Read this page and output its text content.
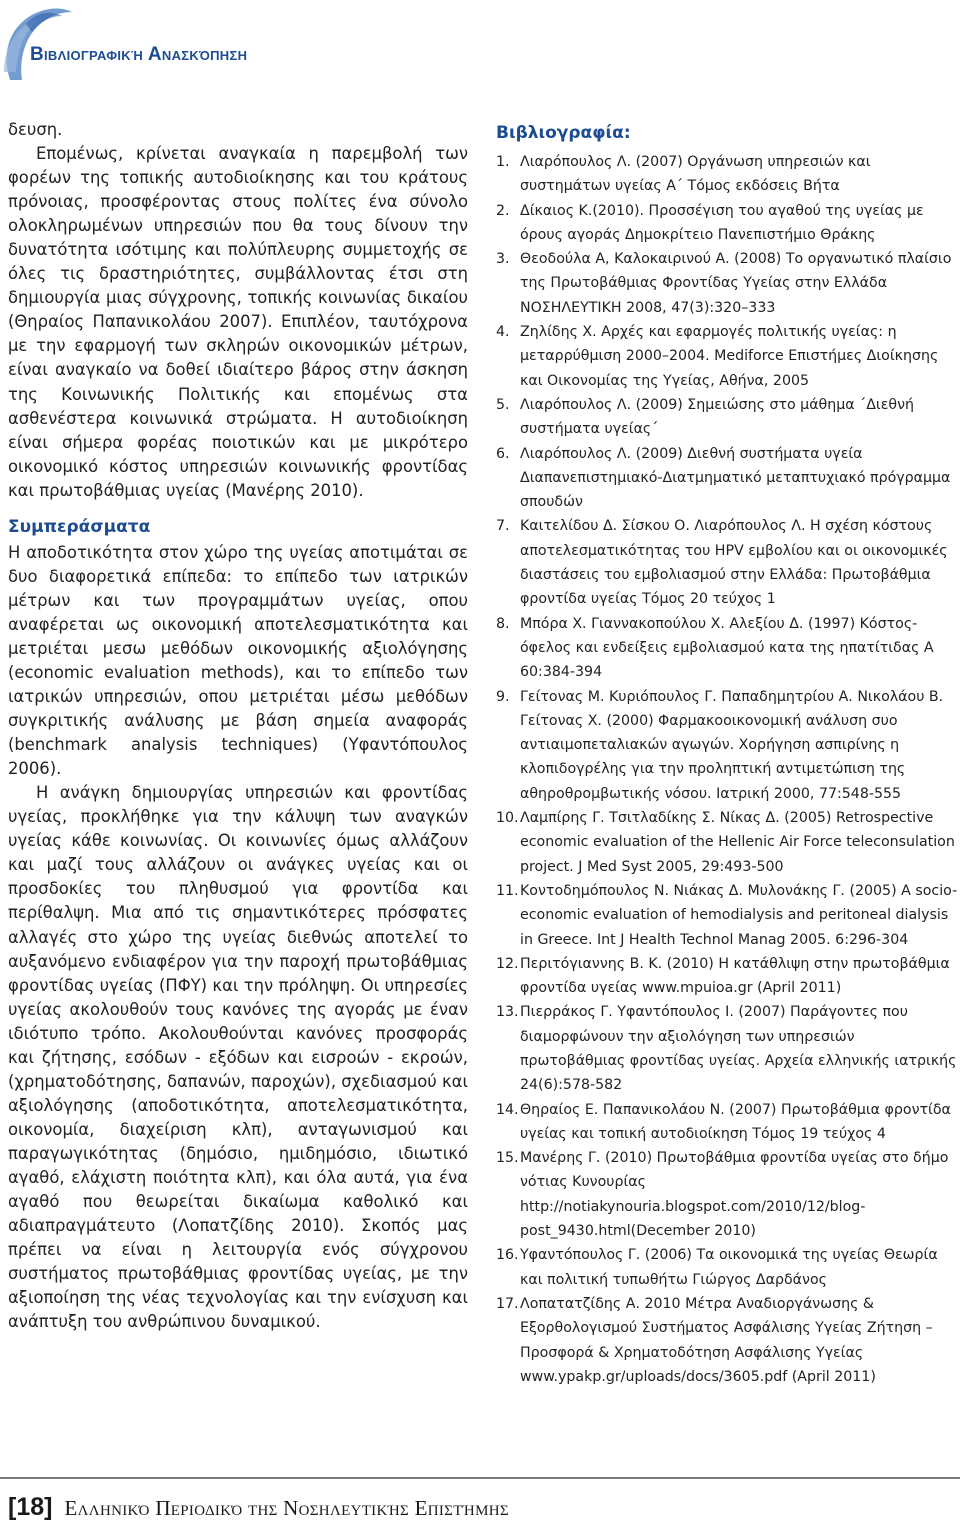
Βιβλιογραφική Ανασκόπηση

δευση.

Επομένως, κρίνεται αναγκαία η παρεμβολή των φορέων της τοπικής αυτοδιοίκησης και του κράτους πρόνοιας, προσφέροντας στους πολίτες ένα σύνολο ολοκληρωμένων υπηρεσιών που θα τους δίνουν την δυνατότητα ισότιμης και πολύπλευρης συμμετοχής σε όλες τις δραστηριότητες, συμβάλλοντας έτσι στη δημιουργία μιας σύγχρονης, τοπικής κοινωνίας δικαίου (Θηραίος Παπανικολάου 2007). Επιπλέον, ταυτόχρονα με την εφαρμογή των σκληρών οικονομικών μέτρων, είναι αναγκαίο να δοθεί ιδιαίτερο βάρος στην άσκηση της Κοινωνικής Πολιτικής και επομένως στα ασθενέστερα κοινωνικά στρώματα. Η αυτοδιοίκηση είναι σήμερα φορέας ποιοτικών και με μικρότερο οικονομικό κόστος υπηρεσιών κοινωνικής φροντίδας και πρωτοβάθμιας υγείας (Μανέρης 2010).

Συμπεράσματα

Η αποδοτικότητα στον χώρο της υγείας αποτιμάται σε δυο διαφορετικά επίπεδα: το επίπεδο των ιατρικών μέτρων και των προγραμμάτων υγείας, οπου αναφέρεται ως οικονομική αποτελεσματικότητα και μετριέται μεσω μεθόδων οικονομικής αξιολόγησης (economic evaluation methods), και το επίπεδο των ιατρικών υπηρεσιών, οπου μετριέται μέσω μεθόδων συγκριτικής ανάλυσης με βάση σημεία αναφοράς (benchmark analysis techniques) (Υφαντόπουλος 2006).

Η ανάγκη δημιουργίας υπηρεσιών και φροντίδας υγείας, προκλήθηκε για την κάλυψη των αναγκών υγείας κάθε κοινωνίας. Οι κοινωνίες όμως αλλάζουν και μαζί τους αλλάζουν οι ανάγκες υγείας και οι προσδοκίες του πληθυσμού για φροντίδα και περίθαλψη. Μια από τις σημαντικότερες πρόσφατες αλλαγές στο χώρο της υγείας διεθνώς αποτελεί το αυξανόμενο ενδιαφέρον για την παροχή πρωτοβάθμιας φροντίδας υγείας (ΠΦΥ) και την πρόληψη. Οι υπηρεσίες υγείας ακολουθούν τους κανόνες της αγοράς με έναν ιδιότυπο τρόπο. Ακολουθούνται κανόνες προσφοράς και ζήτησης, εσόδων - εξόδων και εισροών - εκροών, (χρηματοδότησης, δαπανών, παροχών), σχεδιασμού και αξιολόγησης (αποδοτικότητα, αποτελεσματικότητα, οικονομία, διαχείριση κλπ), ανταγωνισμού και παραγωγικότητας (δημόσιο, ημιδημόσιο, ιδιωτικό αγαθό, ελάχιστη ποιότητα κλπ), και όλα αυτά, για ένα αγαθό που θεωρείται δικαίωμα καθολικό και αδιαπραγμάτευτο (Λοπατζίδης 2010). Σκοπός μας πρέπει να είναι η λειτουργία ενός σύγχρονου συστήματος πρωτοβάθμιας φροντίδας υγείας, με την αξιοποίηση της νέας τεχνολογίας και την ενίσχυση και ανάπτυξη του ανθρώπινου δυναμικού.

Βιβλιογραφία:
1. Λιαρόπουλος Λ. (2007) Οργάνωση υπηρεσιών και συστημάτων υγείας Α΄ Τόμος εκδόσεις Βήτα
2. Δίκαιος Κ.(2010). Προσσέγιση του αγαθού της υγείας με όρους αγοράς Δημοκρίτειο Πανεπιστήμιο Θράκης
3. Θεοδούλα Α, Καλοκαιρινού Α. (2008) Το οργανωτικό πλαίσιο της Πρωτοβάθμιας Φροντίδας Υγείας στην Ελλάδα ΝΟΣΗΛΕΥΤΙΚΗ 2008, 47(3):320–333
4. Ζηλίδης Χ. Αρχές και εφαρμογές πολιτικής υγείας: η μεταρρύθμιση 2000–2004. Mediforce Επιστήμες Διοίκησης και Οικονομίας της Υγείας, Αθήνα, 2005
5. Λιαρόπουλος Λ. (2009) Σημειώσης στο μάθημα ΄Διεθνή συστήματα υγείας΄
6. Λιαρόπουλος Λ. (2009) Διεθνή συστήματα υγεία Διαπανεπιστημιακό-Διατμηματικό μεταπτυχιακό πρόγραμμα σπουδών
7. Καιτελίδου Δ. Σίσκου Ο. Λιαρόπουλος Λ. Η σχέση κόστους αποτελεσματικότητας του HPV εμβολίου και οι οικονομικές διαστάσεις του εμβολιασμού στην Ελλάδα: Πρωτοβάθμια φροντίδα υγείας Τόμος 20 τεύχος 1
8. Μπόρα Χ. Γιαννακοπούλου Χ. Αλεξίου Δ. (1997) Κόστος-όφελος και ενδείξεις εμβολιασμού κατα της ηπατίτιδας Α 60:384-394
9. Γείτονας Μ. Κυριόπουλος Γ. Παπαδημητρίου Α. Νικολάου Β. Γείτονας Χ. (2000) Φαρμακοοικονομική ανάλυση συο αντιαιμοπεταλιακών αγωγών. Χορήγηση ασπιρίνης η κλοπιδογρέλης για την προληπτική αντιμετώπιση της αθηροθρομβωτικής νόσου. Ιατρική 2000, 77:548-555
10. Λαμπίρης Γ. Τσιτλαδίκης Σ. Νίκας Δ. (2005) Retrospective economic evaluation of the Hellenic Air Force teleconsulation project. J Med Syst 2005, 29:493-500
11. Κοντοδημόπουλος Ν. Νιάκας Δ. Μυλονάκης Γ. (2005) A socio-economic evaluation of hemodialysis and peritoneal dialysis in Greece. Int J Health Technol Manag 2005. 6:296-304
12. Περιτόγιαννης Β. Κ. (2010) Η κατάθλιψη στην πρωτοβάθμια φροντίδα υγείας www.mpuioa.gr (April 2011)
13. Πιερράκος Γ. Υφαντόπουλος Ι. (2007) Παράγοντες που διαμορφώνουν την αξιολόγηση των υπηρεσιών πρωτοβάθμιας φροντίδας υγείας. Αρχεία ελληνικής ιατρικής 24(6):578-582
14. Θηραίος Ε. Παπανικολάου Ν. (2007) Πρωτοβάθμια φροντίδα υγείας και τοπική αυτοδιοίκηση Τόμος 19 τεύχος 4
15. Μανέρης Γ. (2010) Πρωτοβάθμια φροντίδα υγείας στο δήμο νότιας Κυνουρίας http://notiakynouria.blogspot.com/2010/12/blog-post_9430.html(December 2010)
16. Υφαντόπουλος Γ. (2006) Τα οικονομικά της υγείας Θεωρία και πολιτική τυπωθήτω Γιώργος Δαρδάνος
17. Λοπατατζίδης Α. 2010 Μέτρα Αναδιοργάνωσης & Εξορθολογισμού Συστήματος Ασφάλισης Υγείας Ζήτηση – Προσφορά & Χρηματοδότηση Ασφάλισης Υγείας www.ypakp.gr/uploads/docs/3605.pdf (April 2011)
[18] Ελληνικό Περιοδικό της Νοσηλευτικής Επιστήμης
